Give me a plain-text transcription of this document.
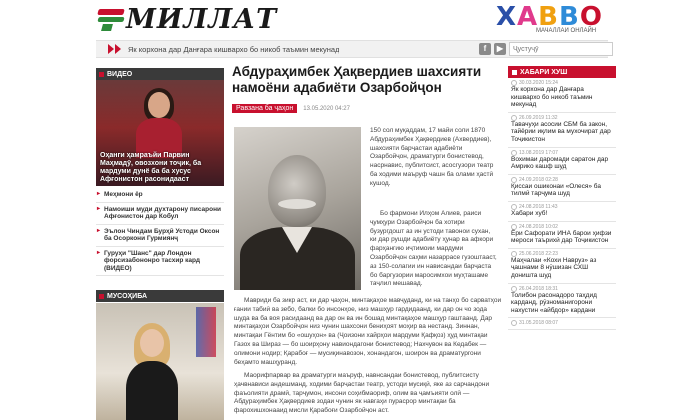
МИЛЛАТ	ХАВВО
МАЧАЛЛАИ ОНЛАЙН
Як корхона дар Данғара кишвархо бо никоб таъмин мекунад	f	▶
Ҷустуҷӯ
ВИДЕО
Оҳанги ҳамраъйи Парвин Маҳмадӯ, овозхони тоҷик, ба мардуми дунё ба ба хусус Афғонистон расонидааст
▸ Меҳмони ёр
▸ Намоиши муди духтарону писарони Афғонистон дар Кобул
▸ Эълон Чиндам Бурҳӣ Устоди Оксон ба Осоркони Гурмиянҷ
▸ Гуруҳи "Шанс" дар Лондон форсизабононро тасхир кард (ВИДЕО)
МУСОҲИБА
Абдураҳимбек Ҳақвердиев шахсияти намоёни адабиёти Озарбойҷон
Равзана ба ҷаҳон	13.05.2020 04:27

150 сол муқаддам, 17 майи соли 1870 Абдураҳимбек Ҳақвердиев (Ахвердиев), шахсияти барҷастаи адабиёти Озарбойҷон, драматурги бонистевод, насрнавис, публитсист, асосгузори театр ба ходими маъруф чашн ба олами ҳастӣ кушод.

Бо фармони Илҳом Алиев, раиси ҷумҳури Озарбойҷон ба хотири бузургдошт аз ин устоди тавонои сухан, ки дар рушди адабиёту ҳунар ва афкори фарҳангию иҷтимоии мардуми Озарбойҷон саҳми назаррасе гузоштааст, аз 150-солагии ин нависандаи барҷаста бо баргузории маросимхои муҳташаме таҷлил мешавад.

Мавриди ба зикр аст, ки дар ҷаҳон, минтақаҳое мавҷуданд, ки на танҳо бо сарватҳои ғании табиӣ ва зебо, балки бо инсонҳое, низ машҳур гардидаанд, ки дар он чо зода шуда ва ба воя расидаанд ва дар он ва ин бошад минтақаҳое машҳур гаштаанд. Дар минтақаҳои Озарбойҷон низ чунин шахсони бениҳоят моҳир ва нестанд. Зиннан, минтақаи Гёнтим бо «ошуҳон» ва (Ҷоизони хайрҳои мардуми Қафқоз) ҳуд минтақаи Газох ва Шираз — бо шоирҳону навиондагони бонистевод; Нахчувон ва Кедабек — олимони нодир; Қарабоғ — мусиқинавозон, хонандагон, шоирон ва драматургони беҳамто машҳуранд.

Маорифпарвар ва драматурги маъруф, навнсандаи бонистевод, публитсисту ҳачвнависи андешманд, ходими барҷастаи театр, устоди мусиқӣ, яке аз сарчандони фаъолияти драмӣ, тарҷумон, инсони соҳибмаориф, олим ва ҷамъияти олӣ — Абдураҳимбек Ҳақвердиев зодаи чунин як навгаҳи пурасрор минтақаи ба фарохишхонааид мисли Қарабоғи Озарбойҷон аст.

ХАБАРИ ХУШ
30.03.2020 15:24
Як корхона дар Данғара кишвархо бо никоб таъмин мекунад
26.09.2019 11:32
Тавачуҳи асосии СБМ ба закон, тайёрии иқлим ва мухочират дар Тоҷикистон
13.08.2019 17:07
Вохимаи даромади саратон дар Амрико кашф шуд
24.09.2018 02:28
Қиссаи ошиконаи «Олеся» ба тилмӣ тарҷума шуд
24.08.2018 11:43
Хабари хуб!
24.08.2018 10:02
Ёри Сафорати ИНА барои ҳифзи мероси таърихӣ дар Тоҷикистон
25.06.2018 22:23
Маҳчалаи «Кохи Навруз» аз ҷашнами 8 нӯшизан СХШ доништа шуд
26.04.2018 18:31
Толибон расонадоро таҳдид карданд, рӯзноманигорони нахустин «айбдор» кардани
31.05.2018 08:07
